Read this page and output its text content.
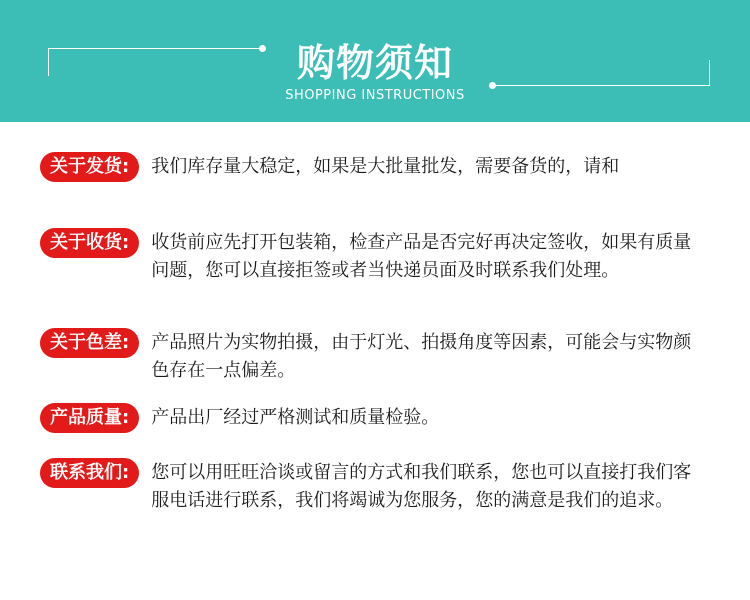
购物须知
SHOPPING INSTRUCTIONS
关于发货:	我们库存量大稳定，如果是大批量批发，需要备货的，请和
关于收货:	收货前应先打开包装箱，检查产品是否完好再决定签收，如果有质量问题，您可以直接拒签或者当快递员面及时联系我们处理。
关于色差:	产品照片为实物拍摄，由于灯光、拍摄角度等因素，可能会与实物颜色存在一点偏差。
产品质量:	产品出厂经过严格测试和质量检验。
联系我们:	您可以用旺旺洽谈或留言的方式和我们联系，您也可以直接打我们客服电话进行联系，我们将竭诚为您服务，您的满意是我们的追求。
